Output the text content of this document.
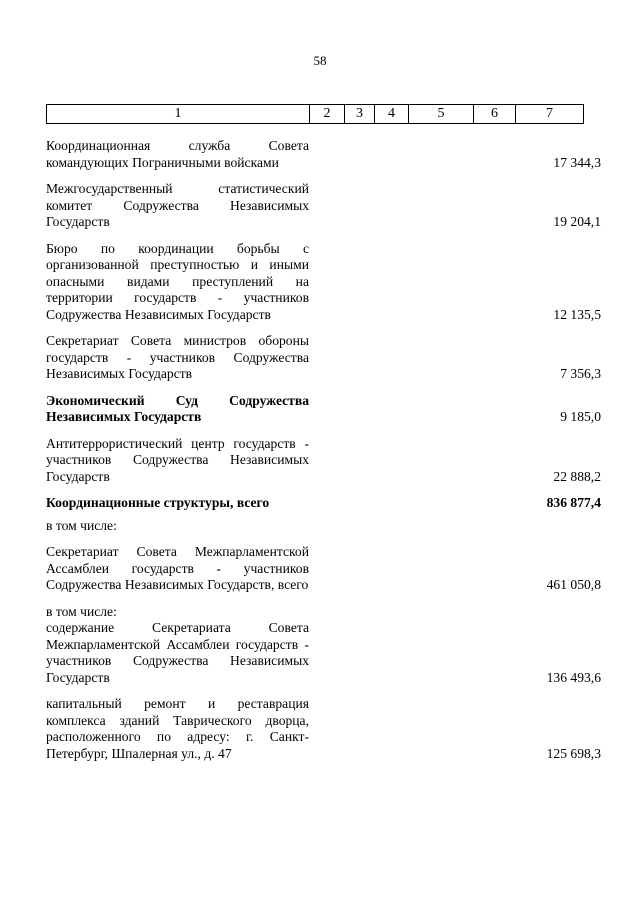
58
1	2	3	4	5	6	7
Координационная служба Совета командующих Пограничными войсками	17 344,3
Межгосударственный статистический комитет Содружества Независимых Государств	19 204,1
Бюро по координации борьбы с организованной преступностью и иными опасными видами преступлений на территории государств - участников Содружества Независимых Государств	12 135,5
Секретариат Совета министров обороны государств - участников Содружества Независимых Государств	7 356,3
Экономический Суд Содружества Независимых Государств	9 185,0
Антитеррористический центр государств - участников Содружества Независимых Государств	22 888,2
Координационные структуры, всего	836 877,4
в том числе:
Секретариат Совета Межпарламентской Ассамблеи государств - участников Содружества Независимых Государств, всего	461 050,8
в том числе:
содержание Секретариата Совета Межпарламентской Ассамблеи государств - участников Содружества Независимых Государств	136 493,6
капитальный ремонт и реставрация комплекса зданий Таврического дворца, расположенного по адресу: г. Санкт-Петербург, Шпалерная ул., д. 47	125 698,3
